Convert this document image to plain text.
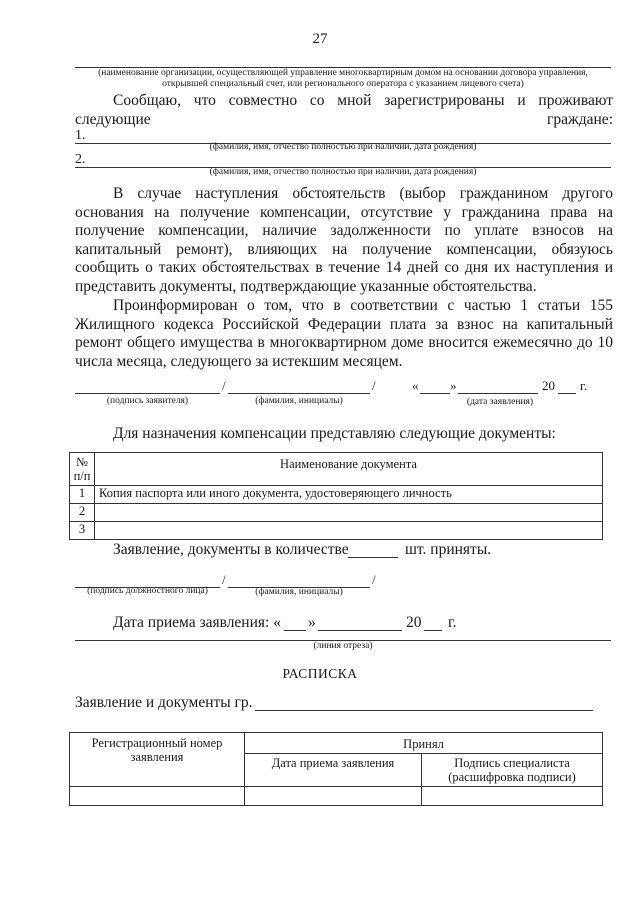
27
(наименование организации, осуществляющей управление многоквартирным домом на основании договора управления, открывшей специальный счет, или регионального оператора с указанием лицевого счета)
Сообщаю, что совместно со мной зарегистрированы и проживают следующие граждане:
1.
(фамилия, имя, отчество полностью при наличии, дата рождения)
2.
(фамилия, имя, отчество полностью при наличии, дата рождения)
В случае наступления обстоятельств (выбор гражданином другого основания на получение компенсации, отсутствие у гражданина права на получение компенсации, наличие задолженности по уплате взносов на капитальный ремонт), влияющих на получение компенсации, обязуюсь сообщить о таких обстоятельствах в течение 14 дней со дня их наступления и представить документы, подтверждающие указанные обстоятельства.
Проинформирован о том, что в соответствии с частью 1 статьи 155 Жилищного кодекса Российской Федерации плата за взнос на капитальный ремонт общего имущества в многоквартирном доме вносится ежемесячно до 10 числа месяца, следующего за истекшим месяцем.
/	/	« »	20 г.
(подпись заявителя)	(фамилия, инициалы)	(дата заявления)
Для назначения компенсации представляю следующие документы:
№ п/п	Наименование документа
1	Копия паспорта или иного документа, удостоверяющего личность
2	
3	
Заявление, документы в количестве	шт. приняты.
/	/
(подпись должностного лица)	(фамилия, инициалы)
Дата приема заявления: « »	20 г.
(линия отреза)
РАСПИСКА
Заявление и документы гр.
Регистрационный номер заявления	Принял	
	Дата приема заявления	Подпись специалиста (расшифровка подписи)
